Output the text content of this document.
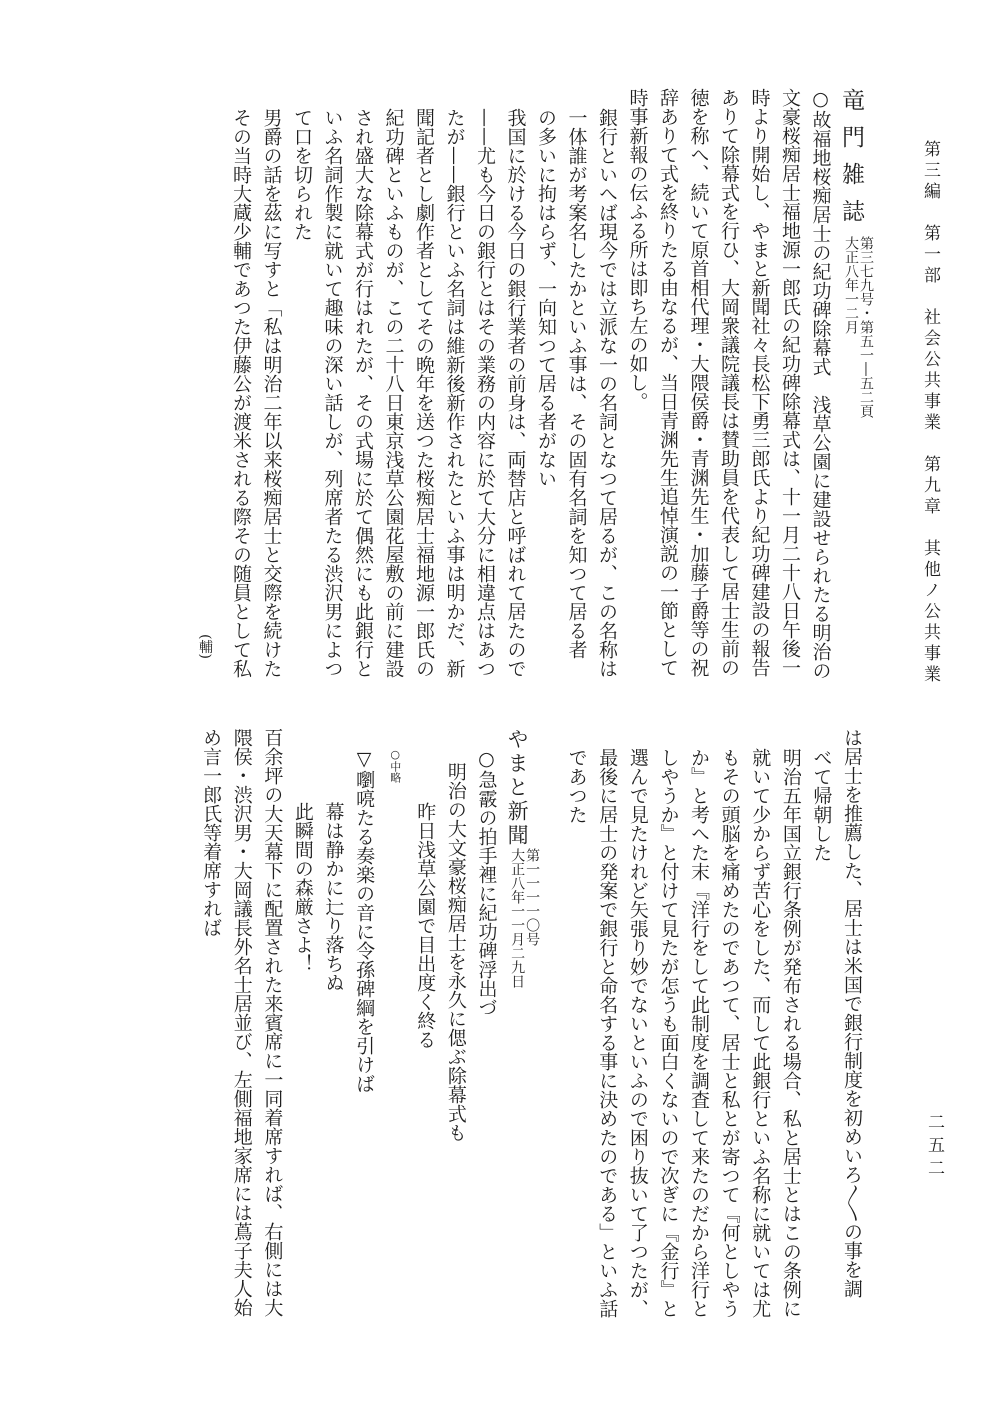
第三編　第一部　社会公共事業　第九章　其他ノ公共事業
二五二
竜門雑誌第三七九号・第五一―五二頁
大正八年一二月
○故福地桜痴居士の紀功碑除幕式　浅草公園に建設せられたる明治の
文豪桜痴居士福地源一郎氏の紀功碑除幕式は、十一月二十八日午後一
時より開始し、やまと新聞社々長松下勇三郎氏より紀功碑建設の報告
ありて除幕式を行ひ、大岡衆議院議長は賛助員を代表して居士生前の
徳を称へ、続いて原首相代理・大隈侯爵・青渊先生・加藤子爵等の祝
辞ありて式を終りたる由なるが、当日青渊先生追悼演説の一節として
時事新報の伝ふる所は即ち左の如し。
銀行といへば現今では立派な一の名詞となつて居るが、この名称は
一体誰が考案名したかといふ事は、その固有名詞を知つて居る者
の多いに拘はらず、一向知つて居る者がない
我国に於ける今日の銀行業者の前身は、両替店と呼ばれて居たので
——尤も今日の銀行とはその業務の内容に於て大分に相違点はあつ
たが——銀行といふ名詞は維新後新作されたといふ事は明かだ、新
聞記者とし劇作者としてその晩年を送つた桜痴居士福地源一郎氏の
紀功碑といふものが、この二十八日東京浅草公園花屋敷の前に建設
され盛大な除幕式が行はれたが、その式場に於て偶然にも此銀行と
いふ名詞作製に就いて趣味の深い話しが、列席者たる渋沢男によつ
て口を切られた
男爵の話を茲に写すと「私は明治二年以来桜痴居士と交際を続けた
その当時大蔵少輔であつた伊藤公が渡米される際その随員として私
は居士を推薦した、居士は米国で銀行制度を初めいろ〳〵の事を調
べて帰朝した
明治五年国立銀行条例が発布される場合、私と居士とはこの条例に
就いて少からず苦心をした、而して此銀行といふ名称に就いては尤
もその頭脳を痛めたのであつて、居士と私とが寄つて『何としやう
か』と考へた末『洋行をして此制度を調査して来たのだから洋行と
しやうか』と付けて見たが怎うも面白くないので次ぎに『金行』と
選んで見たけれど矢張り妙でないといふので困り抜いて了つたが、
最後に居士の発案で銀行と命名する事に決めたのである」といふ話
であつた
やまと新聞第一一一一〇号
大正八年一一月二九日
○急霰の拍手裡に紀功碑浮出づ
明治の大文豪桜痴居士を永久に偲ぶ除幕式も
昨日浅草公園で目出度く終る
○中略
▽嚠喨たる奏楽の音に令孫碑綱を引けば
幕は静かに辷り落ちぬ
此瞬間の森厳さよ！
百余坪の大天幕下に配置された来賓席に一同着席すれば、右側には大
隈侯・渋沢男・大岡議長外名士居並び、左側福地家席には蔦子夫人始
め言一郎氏等着席すれば
(輔)
